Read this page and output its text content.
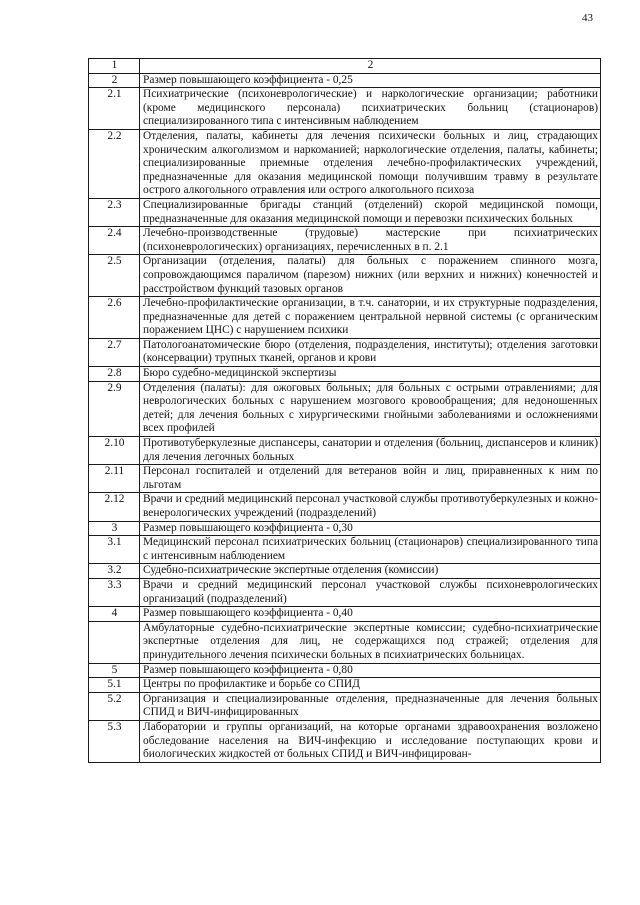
43
1	2
2	Размер повышающего коэффициента - 0,25
2.1	Психиатрические (психоневрологические) и наркологические организации; работники (кроме медицинского персонала) психиатрических больниц (стационаров) специализированного типа с интенсивным наблюдением
2.2	Отделения, палаты, кабинеты для лечения психически больных и лиц, страдающих хроническим алкоголизмом и наркоманией; наркологические отделения, палаты, кабинеты; специализированные приемные отделения лечебно-профилактических учреждений, предназначенные для оказания медицинской помощи получившим травму в результате острого алкогольного отравления или острого алкогольного психоза
2.3	Специализированные бригады станций (отделений) скорой медицинской помощи, предназначенные для оказания медицинской помощи и перевозки психических больных
2.4	Лечебно-производственные (трудовые) мастерские при психиатрических (психоневрологических) организациях, перечисленных в п. 2.1
2.5	Организации (отделения, палаты) для больных с поражением спинного мозга, сопровождающимся параличом (парезом) нижних (или верхних и нижних) конечностей и расстройством функций тазовых органов
2.6	Лечебно-профилактические организации, в т.ч. санатории, и их структурные подразделения, предназначенные для детей с поражением центральной нервной системы (с органическим поражением ЦНС) с нарушением психики
2.7	Патологоанатомические бюро (отделения, подразделения, институты); отделения заготовки (консервации) трупных тканей, органов и крови
2.8	Бюро судебно-медицинской экспертизы
2.9	Отделения (палаты): для ожоговых больных; для больных с острыми отравлениями; для неврологических больных с нарушением мозгового кровообращения; для недоношенных детей; для лечения больных с хирургическими гнойными заболеваниями и осложнениями всех профилей
2.10	Противотуберкулезные диспансеры, санатории и отделения (больниц, диспансеров и клиник) для лечения легочных больных
2.11	Персонал госпиталей и отделений для ветеранов войн и лиц, приравненных к ним по льготам
2.12	Врачи и средний медицинский персонал участковой службы противотуберкулезных и кожно-венерологических учреждений (подразделений)
3	Размер повышающего коэффициента - 0,30
3.1	Медицинский персонал психиатрических больниц (стационаров) специализированного типа с интенсивным наблюдением
3.2	Судебно-психиатрические экспертные отделения (комиссии)
3.3	Врачи и средний медицинский персонал участковой службы психоневрологических организаций (подразделений)
4	Размер повышающего коэффициента - 0,40
	Амбулаторные судебно-психиатрические экспертные комиссии; судебно-психиатрические экспертные отделения для лиц, не содержащихся под стражей; отделения для принудительного лечения психически больных в психиатрических больницах.
5	Размер повышающего коэффициента - 0,80
5.1	Центры по профилактике и борьбе со СПИД
5.2	Организация и специализированные отделения, предназначенные для лечения больных СПИД и ВИЧ-инфицированных
5.3	Лаборатории и группы организаций, на которые органами здравоохранения возложено обследование населения на ВИЧ-инфекцию и исследование поступающих крови и биологических жидкостей от больных СПИД и ВИЧ-инфицирован-
